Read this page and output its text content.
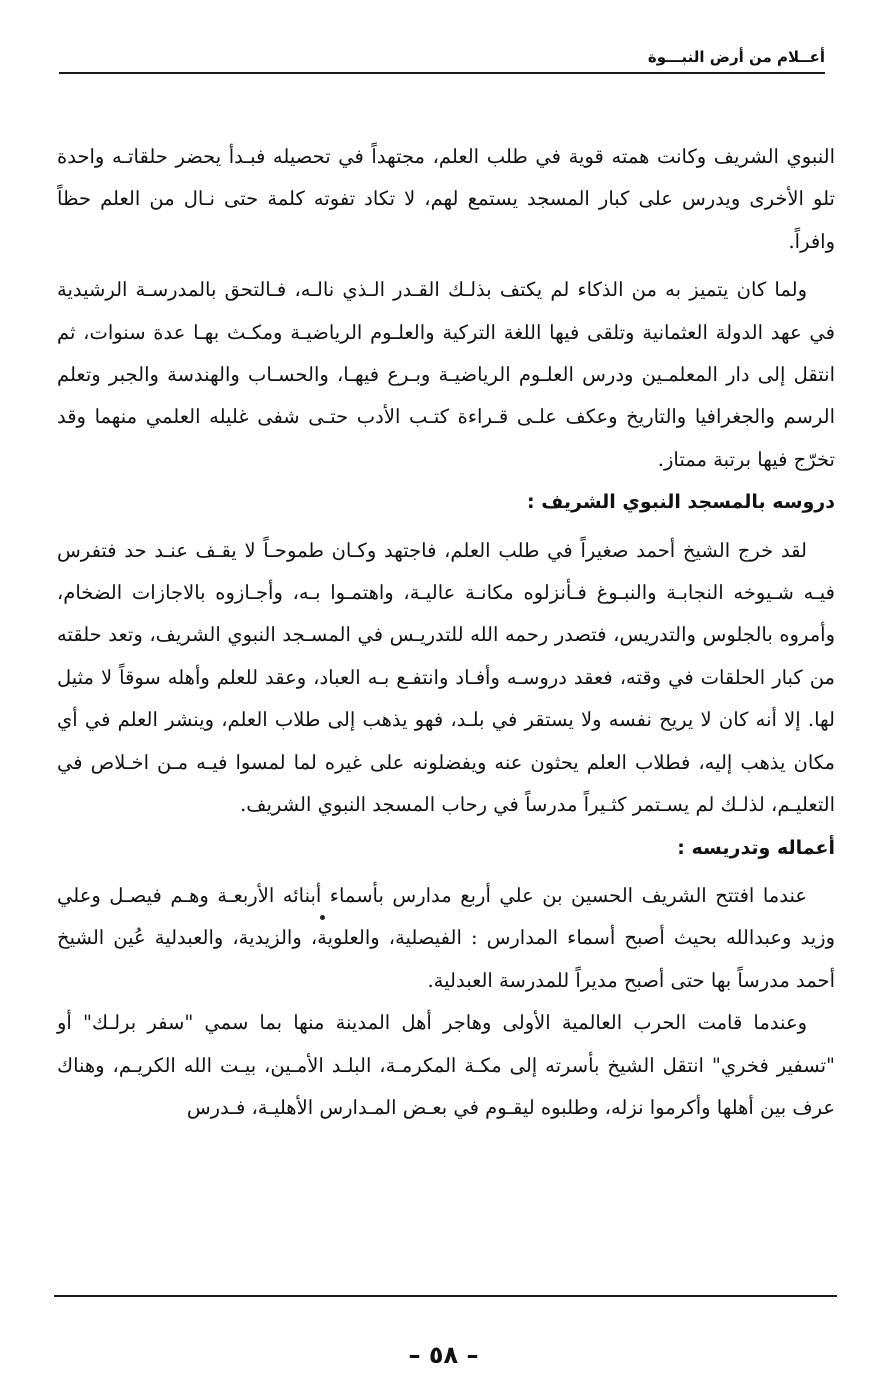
أعــلام من أرض النبـــوة

النبوي الشريف وكانت همته قوية في طلب العلم، مجتهداً في تحصيله فبـدأ يحضر حلقاتـه واحدة تلو الأخرى ويدرس على كبار المسجد يستمع لهم، لا تكاد تفوته كلمة حتى نـال من العلم حظاً وافراً.

ولما كان يتميز به من الذكاء لم يكتف بذلـك القـدر الـذي نالـه، فـالتحق بالمدرسـة الرشيدية في عهد الدولة العثمانية وتلقى فيها اللغة التركية والعلـوم الرياضيـة ومكـث بهـا عدة سنوات، ثم انتقل إلى دار المعلمـين ودرس العلـوم الرياضيـة وبـرع فيهـا، والحسـاب والهندسة والجبر وتعلم الرسم والجغرافيا والتاريخ وعكف علـى قـراءة كتـب الأدب حتـى شفى غليله العلمي منهما وقد تخرّج فيها برتبة ممتاز.

دروسه بالمسجد النبوي الشريف :

لقد خرج الشيخ أحمد صغيراً في طلب العلم، فاجتهد وكـان طموحـاً لا يقـف عنـد حد فتفرس فيـه شـيوخه النجابـة والنبـوغ فـأنزلوه مكانـة عاليـة، واهتمـوا بـه، وأجـازوه بالاجازات الضخام، وأمروه بالجلوس والتدريس، فتصدر رحمه الله للتدريـس في المسـجد النبوي الشريف، وتعد حلقته من كبار الحلقات في وقته، فعقد دروسـه وأفـاد وانتفـع بـه العباد، وعقد للعلم وأهله سوقاً لا مثيل لها. إلا أنه كان لا يريح نفسه ولا يستقر في بلـد، فهو يذهب إلى طلاب العلم، وينشر العلم في أي مكان يذهب إليه، فطلاب العلم يحثون عنه ويفضلونه على غيره لما لمسوا فيـه مـن اخـلاص في التعليـم، لذلـك لم يسـتمر كثـيراً مدرساً في رحاب المسجد النبوي الشريف.

أعماله وتدريسه :

عندما افتتح الشريف الحسين بن علي أربع مدارس بأسماء أبنائه الأربعـة وهـم فيصـل وعلي وزيد وعبدالله بحيث أصبح أسماء المدارس : الفيصلية، والعلوية، والزيدية، والعبدلية عُين الشيخ أحمد مدرساً بها حتى أصبح مديراً للمدرسة العبدلية.

وعندما قامت الحرب العالمية الأولى وهاجر أهل المدينة منها بما سمي "سفر برلـك" أو "تسفير فخري" انتقل الشيخ بأسرته إلى مكـة المكرمـة، البلـد الأمـين، بيـت الله الكريـم، وهناك عرف بين أهلها وأكرموا نزله، وطلبوه ليقـوم في بعـض المـدارس الأهليـة، فـدرس

– ٥٨ –
